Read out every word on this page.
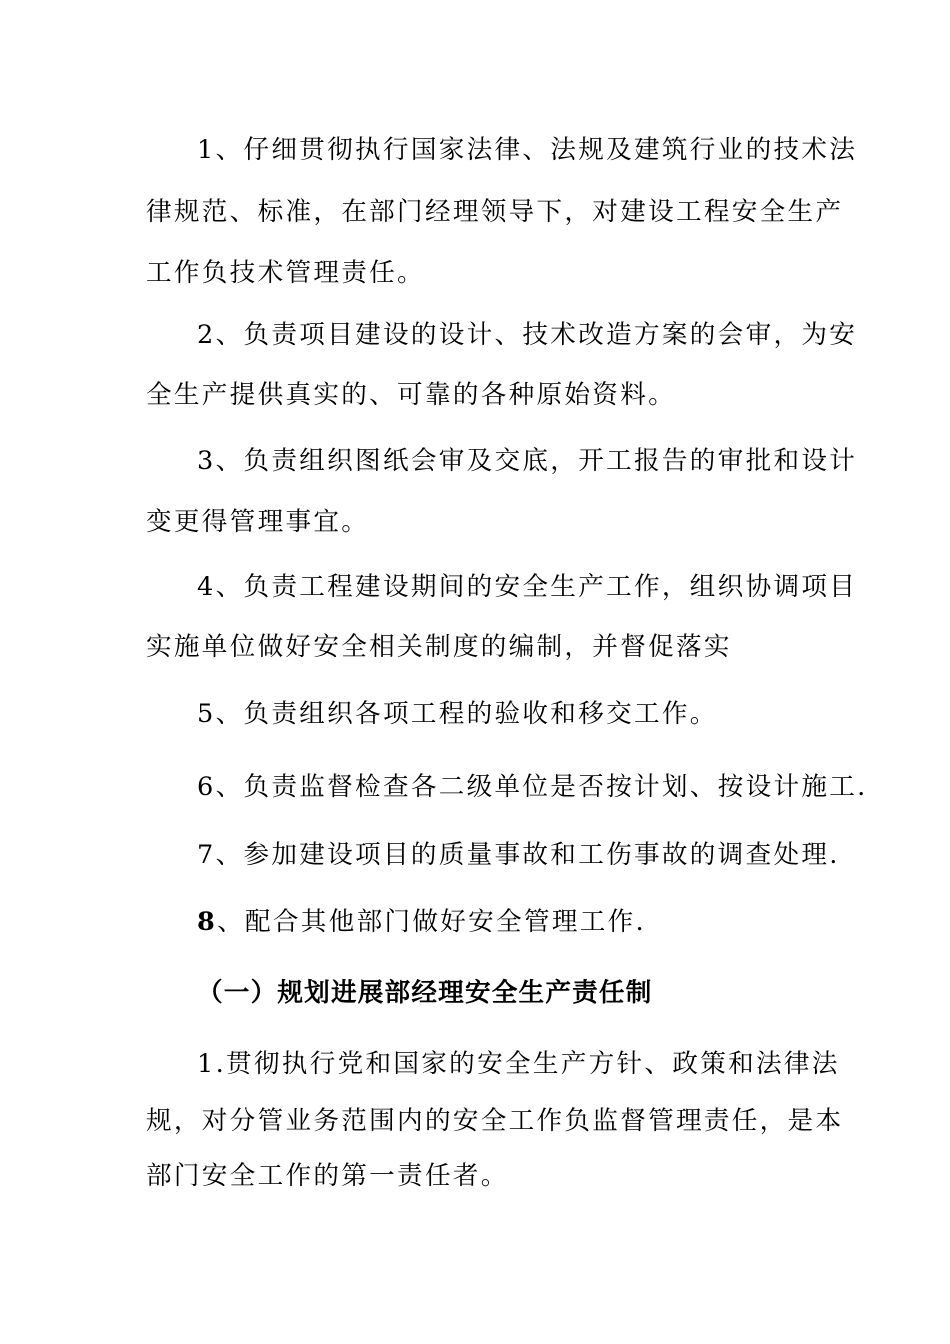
1、仔细贯彻执行国家法律、法规及建筑行业的技术法
律规范、标准，在部门经理领导下，对建设工程安全生产
工作负技术管理责任。
2、负责项目建设的设计、技术改造方案的会审，为安
全生产提供真实的、可靠的各种原始资料。
3、负责组织图纸会审及交底，开工报告的审批和设计
变更得管理事宜。
4、负责工程建设期间的安全生产工作，组织协调项目
实施单位做好安全相关制度的编制，并督促落实
5、负责组织各项工程的验收和移交工作。
6、负责监督检查各二级单位是否按计划、按设计施工.
7、参加建设项目的质量事故和工伤事故的调查处理.
8、配合其他部门做好安全管理工作.
（一）规划进展部经理安全生产责任制
1.贯彻执行党和国家的安全生产方针、政策和法律法
规，对分管业务范围内的安全工作负监督管理责任，是本
部门安全工作的第一责任者。
